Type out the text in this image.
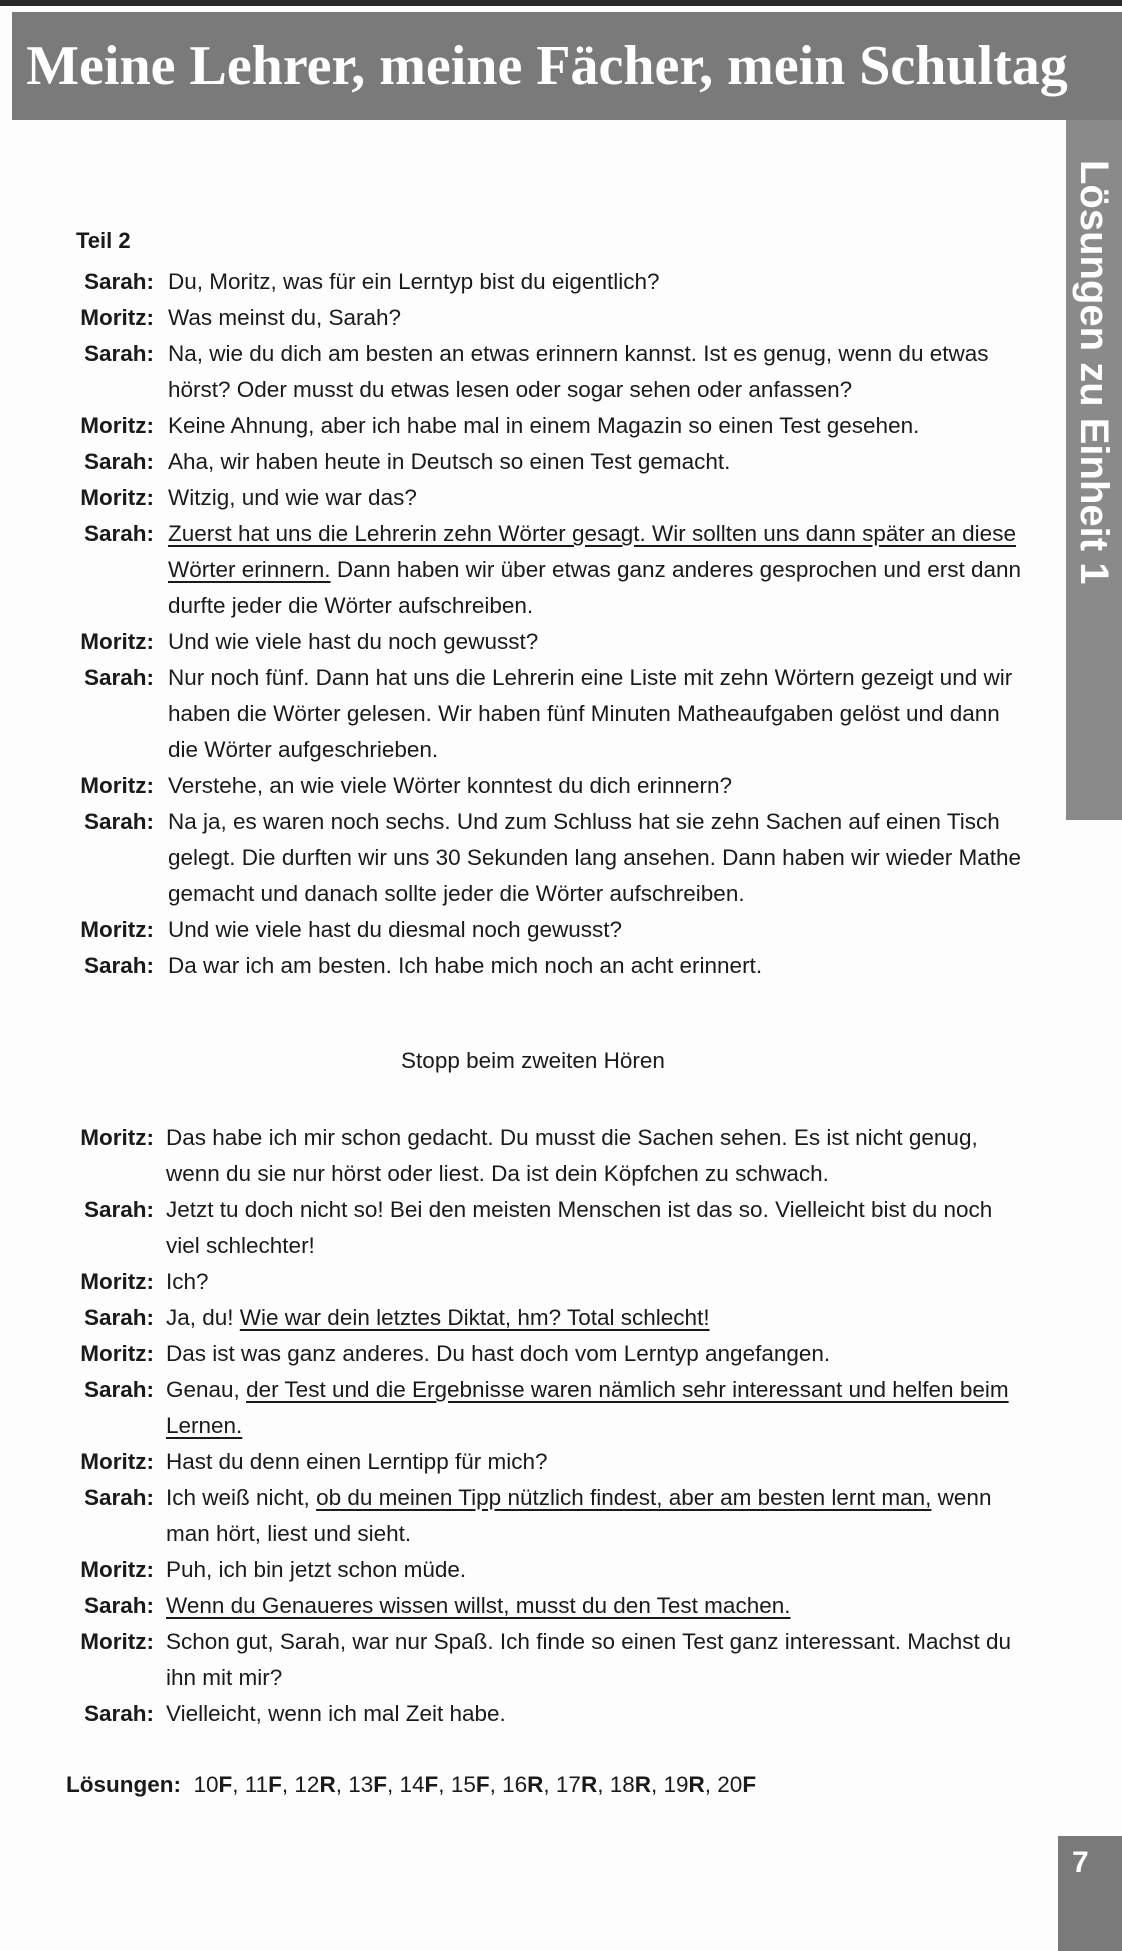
Meine Lehrer, meine Fächer, mein Schultag
Lösungen zu Einheit 1
Teil 2
Sarah: Du, Moritz, was für ein Lerntyp bist du eigentlich?
Moritz: Was meinst du, Sarah?
Sarah: Na, wie du dich am besten an etwas erinnern kannst. Ist es genug, wenn du etwas
hörst? Oder musst du etwas lesen oder sogar sehen oder anfassen?
Moritz: Keine Ahnung, aber ich habe mal in einem Magazin so einen Test gesehen.
Sarah: Aha, wir haben heute in Deutsch so einen Test gemacht.
Moritz: Witzig, und wie war das?
Sarah: Zuerst hat uns die Lehrerin zehn Wörter gesagt. Wir sollten uns dann später an diese
Wörter erinnern. Dann haben wir über etwas ganz anderes gesprochen und erst dann
durfte jeder die Wörter aufschreiben.
Moritz: Und wie viele hast du noch gewusst?
Sarah: Nur noch fünf. Dann hat uns die Lehrerin eine Liste mit zehn Wörtern gezeigt und wir
haben die Wörter gelesen. Wir haben fünf Minuten Matheaufgaben gelöst und dann
die Wörter aufgeschrieben.
Moritz: Verstehe, an wie viele Wörter konntest du dich erinnern?
Sarah: Na ja, es waren noch sechs. Und zum Schluss hat sie zehn Sachen auf einen Tisch
gelegt. Die durften wir uns 30 Sekunden lang ansehen. Dann haben wir wieder Mathe
gemacht und danach sollte jeder die Wörter aufschreiben.
Moritz: Und wie viele hast du diesmal noch gewusst?
Sarah: Da war ich am besten. Ich habe mich noch an acht erinnert.
Stopp beim zweiten Hören
Moritz: Das habe ich mir schon gedacht. Du musst die Sachen sehen. Es ist nicht genug,
wenn du sie nur hörst oder liest. Da ist dein Köpfchen zu schwach.
Sarah: Jetzt tu doch nicht so! Bei den meisten Menschen ist das so. Vielleicht bist du noch
viel schlechter!
Moritz: Ich?
Sarah: Ja, du! Wie war dein letztes Diktat, hm? Total schlecht!
Moritz: Das ist was ganz anderes. Du hast doch vom Lerntyp angefangen.
Sarah: Genau, der Test und die Ergebnisse waren nämlich sehr interessant und helfen beim
Lernen.
Moritz: Hast du denn einen Lerntipp für mich?
Sarah: Ich weiß nicht, ob du meinen Tipp nützlich findest, aber am besten lernt man, wenn
man hört, liest und sieht.
Moritz: Puh, ich bin jetzt schon müde.
Sarah: Wenn du Genaueres wissen willst, musst du den Test machen.
Moritz: Schon gut, Sarah, war nur Spaß. Ich finde so einen Test ganz interessant. Machst du
ihn mit mir?
Sarah: Vielleicht, wenn ich mal Zeit habe.
Lösungen: 10F, 11F, 12R, 13F, 14F, 15F, 16R, 17R, 18R, 19R, 20F
7
